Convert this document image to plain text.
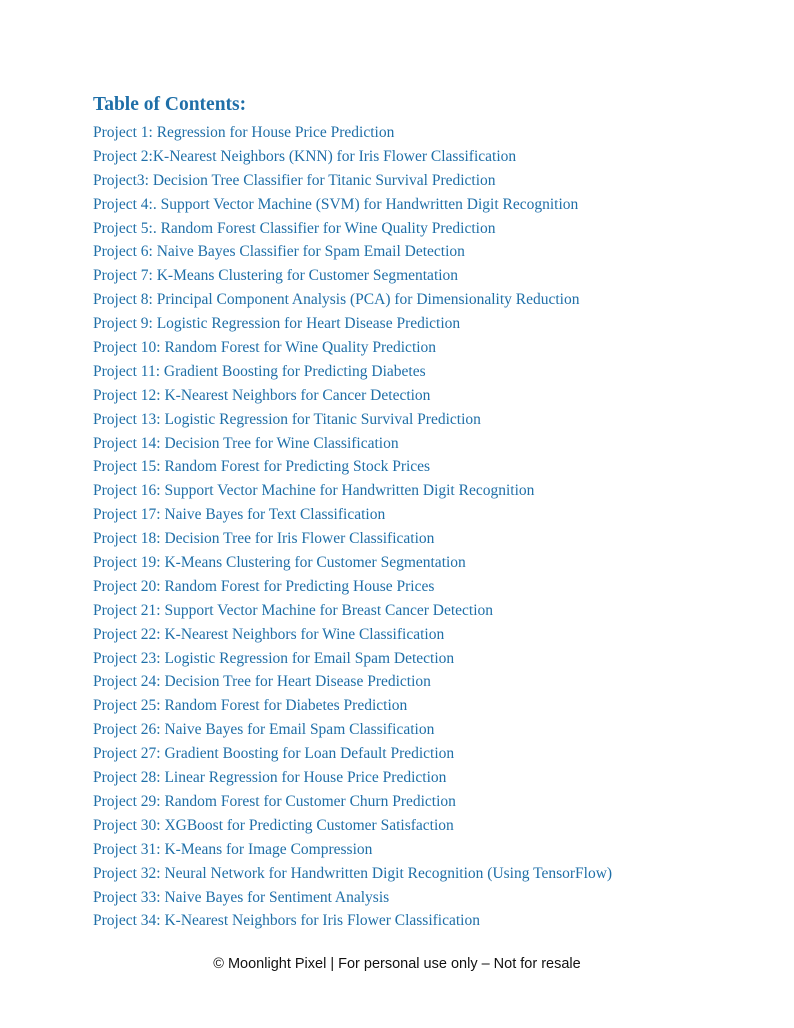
Table of Contents:
Project 1: Regression for House Price Prediction
Project 2:K-Nearest Neighbors (KNN) for Iris Flower Classification
Project3: Decision Tree Classifier for Titanic Survival Prediction
Project 4:. Support Vector Machine (SVM) for Handwritten Digit Recognition
Project 5:. Random Forest Classifier for Wine Quality Prediction
Project 6: Naive Bayes Classifier for Spam Email Detection
Project 7: K-Means Clustering for Customer Segmentation
Project 8: Principal Component Analysis (PCA) for Dimensionality Reduction
Project 9: Logistic Regression for Heart Disease Prediction
Project 10: Random Forest for Wine Quality Prediction
Project 11: Gradient Boosting for Predicting Diabetes
Project 12: K-Nearest Neighbors for Cancer Detection
Project 13: Logistic Regression for Titanic Survival Prediction
Project 14: Decision Tree for Wine Classification
Project 15: Random Forest for Predicting Stock Prices
Project 16: Support Vector Machine for Handwritten Digit Recognition
Project 17: Naive Bayes for Text Classification
Project 18: Decision Tree for Iris Flower Classification
Project 19: K-Means Clustering for Customer Segmentation
Project 20: Random Forest for Predicting House Prices
Project 21: Support Vector Machine for Breast Cancer Detection
Project 22: K-Nearest Neighbors for Wine Classification
Project 23: Logistic Regression for Email Spam Detection
Project 24: Decision Tree for Heart Disease Prediction
Project 25: Random Forest for Diabetes Prediction
Project 26: Naive Bayes for Email Spam Classification
Project 27: Gradient Boosting for Loan Default Prediction
Project 28: Linear Regression for House Price Prediction
Project 29: Random Forest for Customer Churn Prediction
Project 30: XGBoost for Predicting Customer Satisfaction
Project 31: K-Means for Image Compression
Project 32: Neural Network for Handwritten Digit Recognition (Using TensorFlow)
Project 33: Naive Bayes for Sentiment Analysis
Project 34: K-Nearest Neighbors for Iris Flower Classification
© Moonlight Pixel | For personal use only – Not for resale
